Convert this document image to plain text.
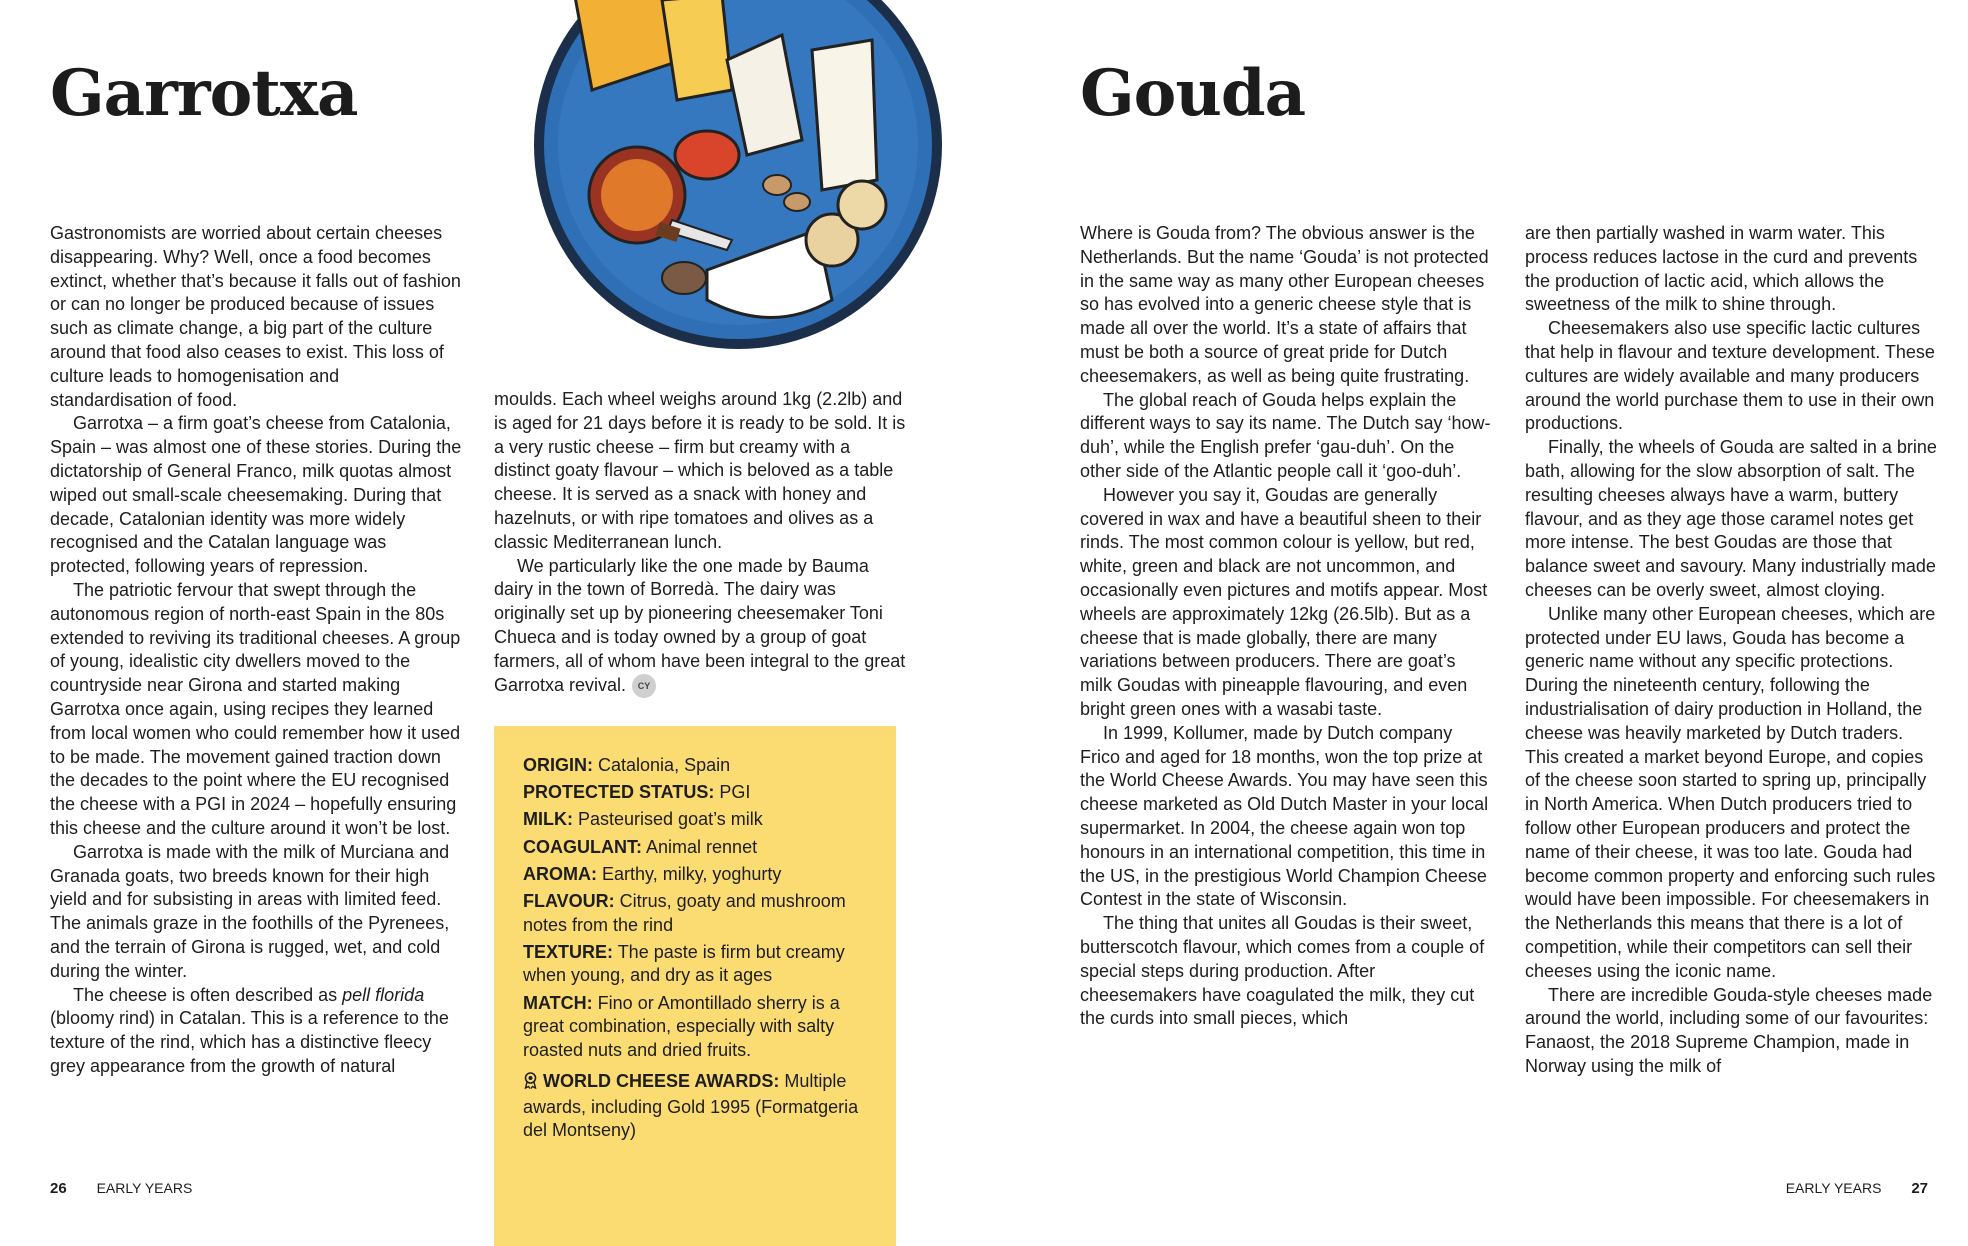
Garrotxa

Gastronomists are worried about certain cheeses disappearing. Why? Well, once a food becomes extinct, whether that’s because it falls out of fashion or can no longer be produced because of issues such as climate change, a big part of the culture around that food also ceases to exist. This loss of culture leads to homogenisation and standardisation of food.

Garrotxa – a firm goat’s cheese from Catalonia, Spain – was almost one of these stories. During the dictatorship of General Franco, milk quotas almost wiped out small-scale cheesemaking. During that decade, Catalonian identity was more widely recognised and the Catalan language was protected, following years of repression.

The patriotic fervour that swept through the autonomous region of north-east Spain in the 80s extended to reviving its traditional cheeses. A group of young, idealistic city dwellers moved to the countryside near Girona and started making Garrotxa once again, using recipes they learned from local women who could remember how it used to be made. The movement gained traction down the decades to the point where the EU recognised the cheese with a PGI in 2024 – hopefully ensuring this cheese and the culture around it won’t be lost.

Garrotxa is made with the milk of Murciana and Granada goats, two breeds known for their high yield and for subsisting in areas with limited feed. The animals graze in the foothills of the Pyrenees, and the terrain of Girona is rugged, wet, and cold during the winter.

The cheese is often described as pell florida (bloomy rind) in Catalan. This is a reference to the texture of the rind, which has a distinctive fleecy grey appearance from the growth of natural

moulds. Each wheel weighs around 1kg (2.2lb) and is aged for 21 days before it is ready to be sold. It is a very rustic cheese – firm but creamy with a distinct goaty flavour – which is beloved as a table cheese. It is served as a snack with honey and hazelnuts, or with ripe tomatoes and olives as a classic Mediterranean lunch.

We particularly like the one made by Bauma dairy in the town of Borredà. The dairy was originally set up by pioneering cheesemaker Toni Chueca and is today owned by a group of goat farmers, all of whom have been integral to the great Garrotxa revival. CY

ORIGIN: Catalonia, Spain

PROTECTED STATUS: PGI

MILK: Pasteurised goat’s milk

COAGULANT: Animal rennet

AROMA: Earthy, milky, yoghurty

FLAVOUR: Citrus, goaty and mushroom notes from the rind

TEXTURE: The paste is firm but creamy when young, and dry as it ages

MATCH: Fino or Amontillado sherry is a great combination, especially with salty roasted nuts and dried fruits.

WORLD CHEESE AWARDS: Multiple awards, including Gold 1995 (Formatgeria del Montseny)

26 EARLY YEARS
Gouda

Where is Gouda from? The obvious answer is the Netherlands. But the name ‘Gouda’ is not protected in the same way as many other European cheeses so has evolved into a generic cheese style that is made all over the world. It’s a state of affairs that must be both a source of great pride for Dutch cheesemakers, as well as being quite frustrating.

The global reach of Gouda helps explain the different ways to say its name. The Dutch say ‘how-duh’, while the English prefer ‘gau-duh’. On the other side of the Atlantic people call it ‘goo-duh’.

However you say it, Goudas are generally covered in wax and have a beautiful sheen to their rinds. The most common colour is yellow, but red, white, green and black are not uncommon, and occasionally even pictures and motifs appear. Most wheels are approximately 12kg (26.5lb). But as a cheese that is made globally, there are many variations between producers. There are goat’s milk Goudas with pineapple flavouring, and even bright green ones with a wasabi taste.

In 1999, Kollumer, made by Dutch company Frico and aged for 18 months, won the top prize at the World Cheese Awards. You may have seen this cheese marketed as Old Dutch Master in your local supermarket. In 2004, the cheese again won top honours in an international competition, this time in the US, in the prestigious World Champion Cheese Contest in the state of Wisconsin.

The thing that unites all Goudas is their sweet, butterscotch flavour, which comes from a couple of special steps during production. After cheesemakers have coagulated the milk, they cut the curds into small pieces, which

are then partially washed in warm water. This process reduces lactose in the curd and prevents the production of lactic acid, which allows the sweetness of the milk to shine through.

Cheesemakers also use specific lactic cultures that help in flavour and texture development. These cultures are widely available and many producers around the world purchase them to use in their own productions.

Finally, the wheels of Gouda are salted in a brine bath, allowing for the slow absorption of salt. The resulting cheeses always have a warm, buttery flavour, and as they age those caramel notes get more intense. The best Goudas are those that balance sweet and savoury. Many industrially made cheeses can be overly sweet, almost cloying.

Unlike many other European cheeses, which are protected under EU laws, Gouda has become a generic name without any specific protections. During the nineteenth century, following the industrialisation of dairy production in Holland, the cheese was heavily marketed by Dutch traders. This created a market beyond Europe, and copies of the cheese soon started to spring up, principally in North America. When Dutch producers tried to follow other European producers and protect the name of their cheese, it was too late. Gouda had become common property and enforcing such rules would have been impossible. For cheesemakers in the Netherlands this means that there is a lot of competition, while their competitors can sell their cheeses using the iconic name.

There are incredible Gouda-style cheeses made around the world, including some of our favourites: Fanaost, the 2018 Supreme Champion, made in Norway using the milk of

EARLY YEARS 27
